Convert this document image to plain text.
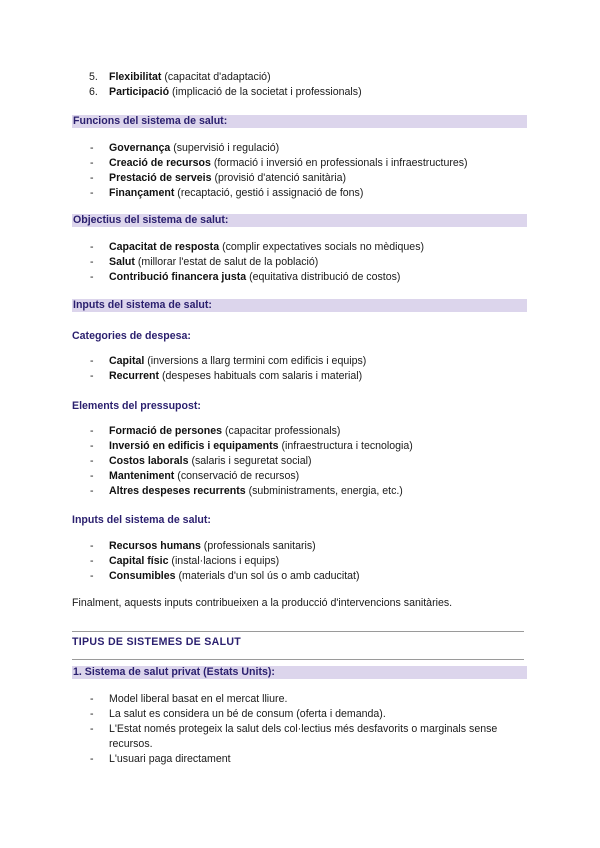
5. Flexibilitat (capacitat d'adaptació)
6. Participació (implicació de la societat i professionals)
Funcions del sistema de salut:
- Governança (supervisió i regulació)
- Creació de recursos (formació i inversió en professionals i infraestructures)
- Prestació de serveis (provisió d'atenció sanitària)
- Finançament (recaptació, gestió i assignació de fons)
Objectius del sistema de salut:
- Capacitat de resposta (complir expectatives socials no mèdiques)
- Salut (millorar l'estat de salut de la població)
- Contribució financera justa (equitativa distribució de costos)
Inputs del sistema de salut:
Categories de despesa:
- Capital (inversions a llarg termini com edificis i equips)
- Recurrent (despeses habituals com salaris i material)
Elements del pressupost:
- Formació de persones (capacitar professionals)
- Inversió en edificis i equipaments (infraestructura i tecnologia)
- Costos laborals (salaris i seguretat social)
- Manteniment (conservació de recursos)
- Altres despeses recurrents (subministraments, energia, etc.)
Inputs del sistema de salut:
- Recursos humans (professionals sanitaris)
- Capital físic (instal·lacions i equips)
- Consumibles (materials d'un sol ús o amb caducitat)

Finalment, aquests inputs contribueixen a la producció d'intervencions sanitàries.

TIPUS DE SISTEMES DE SALUT
1. Sistema de salut privat (Estats Units):
- Model liberal basat en el mercat lliure.
- La salut es considera un bé de consum (oferta i demanda).
- L'Estat només protegeix la salut dels col·lectius més desfavorits o marginals sense recursos.
- L'usuari paga directament
